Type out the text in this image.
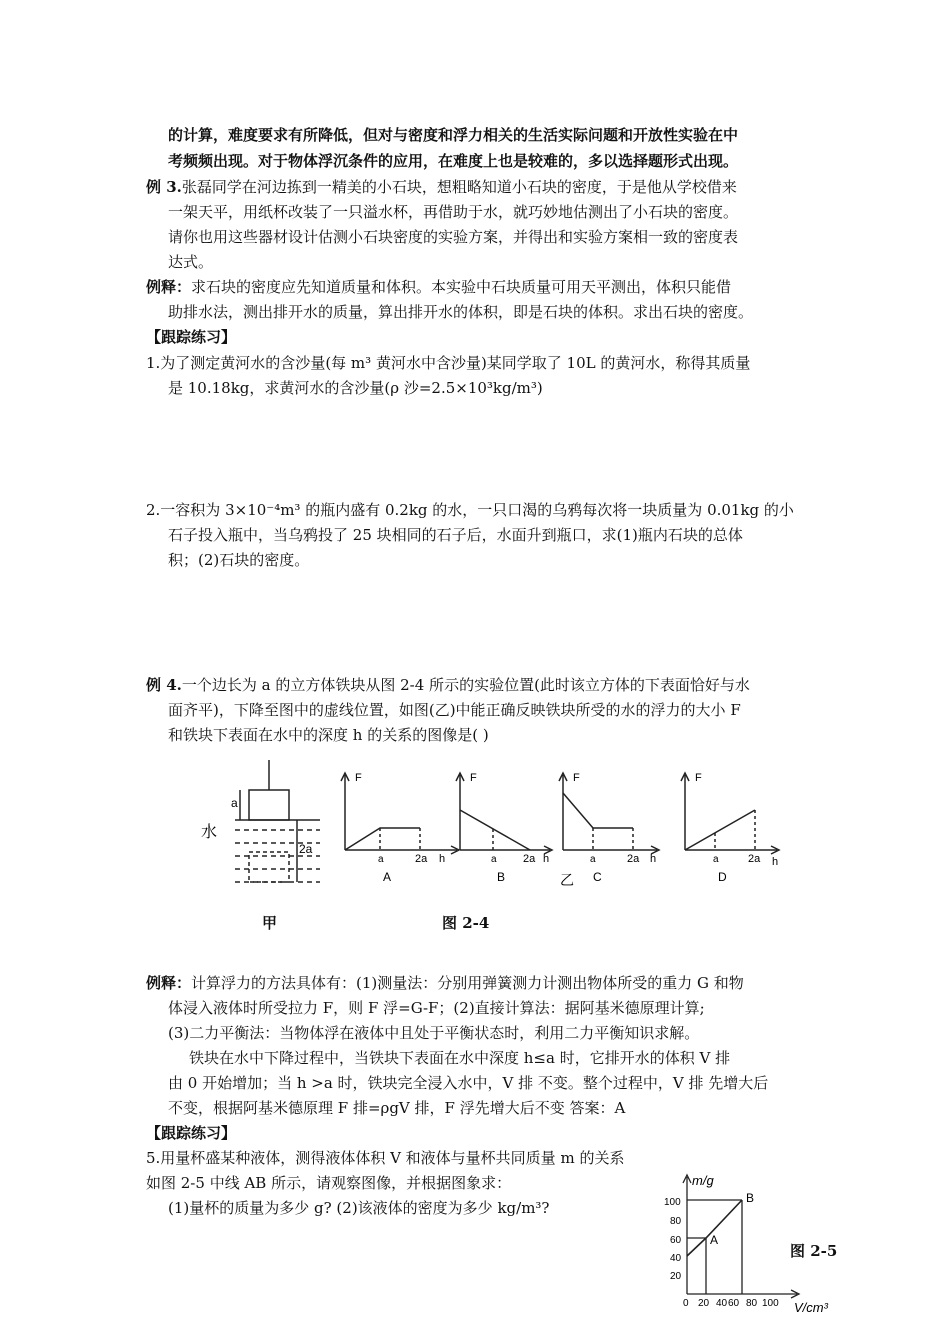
的计算，难度要求有所降低，但对与密度和浮力相关的生活实际问题和开放性实验在中
考频频出现。对于物体浮沉条件的应用，在难度上也是较难的，多以选择题形式出现。
例 3.张磊同学在河边拣到一精美的小石块，想粗略知道小石块的密度，于是他从学校借来
一架天平，用纸杯改装了一只溢水杯，再借助于水，就巧妙地估测出了小石块的密度。
请你也用这些器材设计估测小石块密度的实验方案，并得出和实验方案相一致的密度表
达式。
例释：求石块的密度应先知道质量和体积。本实验中石块质量可用天平测出，体积只能借
助排水法，测出排开水的质量，算出排开水的体积，即是石块的体积。求出石块的密度。
【跟踪练习】
1.为了测定黄河水的含沙量(每 m³ 黄河水中含沙量)某同学取了 10L 的黄河水，称得其质量
是 10.18kg，求黄河水的含沙量(ρ 沙=2.5×10³kg/m³)
2.一容积为 3×10⁻⁴m³ 的瓶内盛有 0.2kg 的水，一只口渴的乌鸦每次将一块质量为 0.01kg 的小
石子投入瓶中，当乌鸦投了 25 块相同的石子后，水面升到瓶口，求(1)瓶内石块的总体
积；(2)石块的密度。
例 4.一个边长为 a 的立方体铁块从图 2-4 所示的实验位置(此时该立方体的下表面恰好与水
面齐平)，下降至图中的虚线位置，如图(乙)中能正确反映铁块所受的水的浮力的大小 F
和铁块下表面在水中的深度 h 的关系的图像是( )
a
水
2a
F
a	2a h
A
F
a 2a h
B
F
a	2a h
乙 C
F
a	2a h
D
甲	图 2-4
例释：计算浮力的方法具体有：(1)测量法：分别用弹簧测力计测出物体所受的重力 G 和物
体浸入液体时所受拉力 F，则 F 浮=G-F；(2)直接计算法：据阿基米德原理计算;
(3)二力平衡法：当物体浮在液体中且处于平衡状态时，利用二力平衡知识求解。
铁块在水中下降过程中，当铁块下表面在水中深度 h≤a 时，它排开水的体积 V 排
由 0 开始增加；当 h >a 时，铁块完全浸入水中，V 排 不变。整个过程中，V 排 先增大后
不变，根据阿基米德原理 F 排=ρgV 排，F 浮先增大后不变 答案：A
【跟踪练习】
5.用量杯盛某种液体，测得液体体积 V 和液体与量杯共同质量 m 的关系
如图 2-5 中线 AB 所示，请观察图像，并根据图象求：
(1)量杯的质量为多少 g? (2)该液体的密度为多少 kg/m³?
m/g
100
80
60
40
20
0 20 40 60 80 100 V/cm³
A
B
图 2-5
